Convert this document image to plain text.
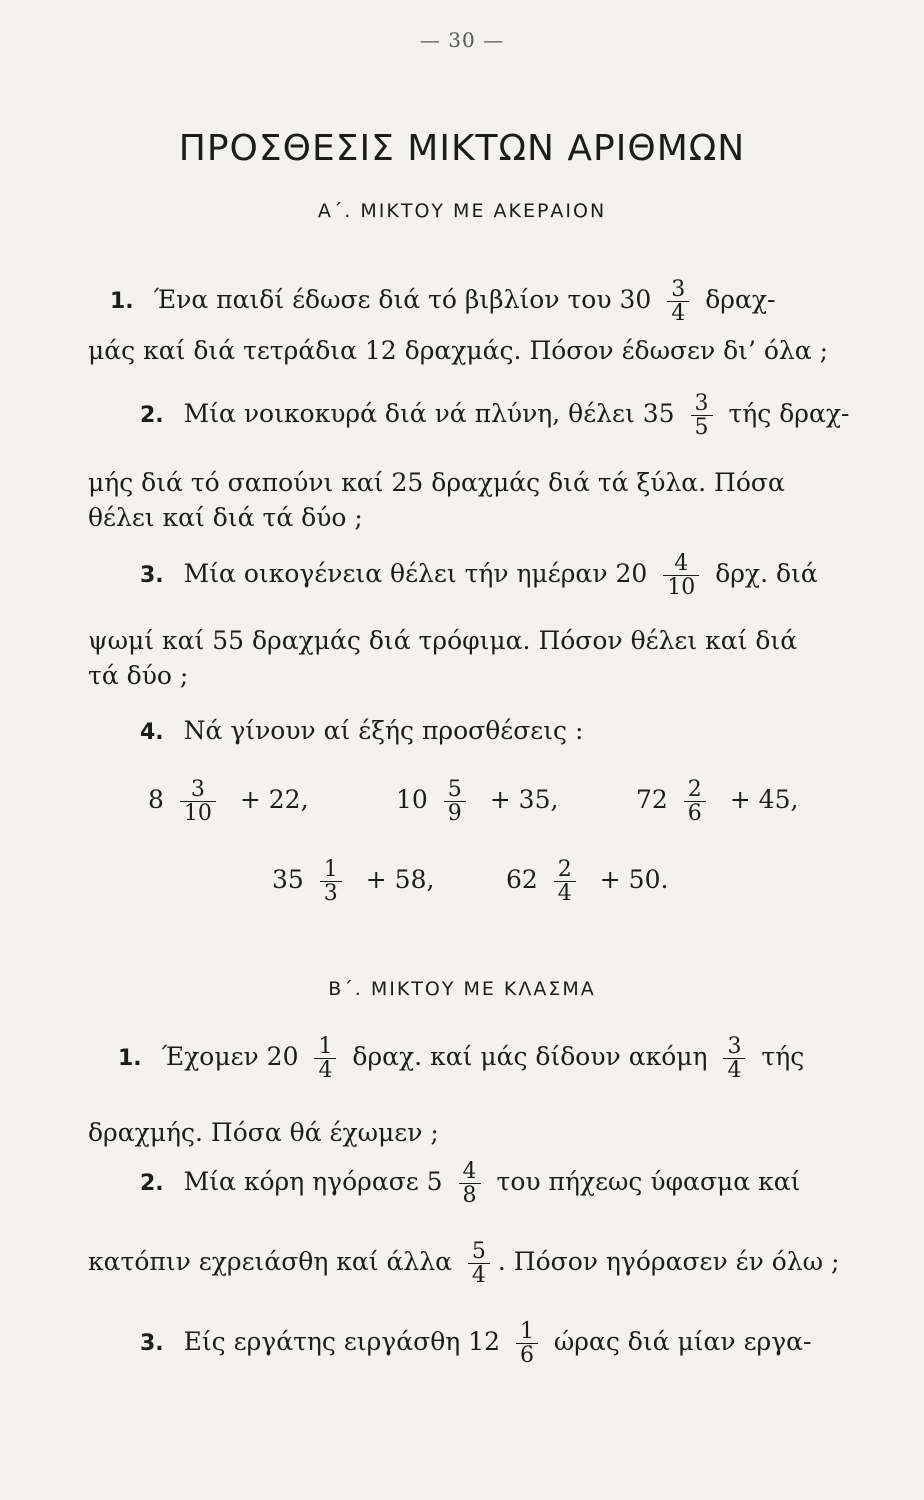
— 30 —
ΠΡΟΣΘΕΣΙΣ ΜΙΚΤΩΝ ΑΡΙΘΜΩΝ
Α΄. ΜΙΚΤΟΥ ΜΕ ΑΚΕΡΑΙΟΝ
1. Ένα παιδί έδωσε διά τό βιβλίον του $30 \frac{3}{4} \delta\rho\alpha\chi-$
μάς καί διά τετράδια 12 δραχμάς. Πόσον έδωσεν δι’ όλα ;
2. Μία νοικοκυρά διά νά πλύνη, θέλει $35 \frac{3}{5}$ τής δραχ-
μής διά τό σαπούνι καί 25 δραχμάς διά τά ξύλα. Πόσα
θέλει καί διά τά δύο ;
3. Μία οικογένεια θέλει τήν ημέραν $20 \frac{4}{10} \delta\rho\chi$. διά
ψωμί καί 55 δραχμάς διά τρόφιμα. Πόσον θέλει καί διά
τά δύο ;
4. Νά γίνουν αί έξής προσθέσεις :
$8 \frac{3}{10} + 22$,	$10 \frac{5}{9} + 35$,	$72 \frac{2}{6} + 45$,
$35 \frac{1}{3} + 58$,	$62 \frac{2}{4} + 50$.
Β΄. ΜΙΚΤΟΥ ΜΕ ΚΛΑΣΜΑ
1. Έχομεν $20 \frac{1}{4} \delta\rho\alpha\chi$. καί μάς δίδουν ακόμη $\frac{3}{4}$ τής
δραχμής. Πόσα θά έχωμεν ;
2. Μία κόρη ηγόρασε $5 \frac{4}{8}$ του πήχεως ύφασμα καί
κατόπιν εχρειάσθη καί άλλα $\frac{5}{4}$ . Πόσον ηγόρασεν έν όλω ;
3. Είς εργάτης ειργάσθη $12 \frac{1}{6}$ ώρας διά μίαν εργα-
